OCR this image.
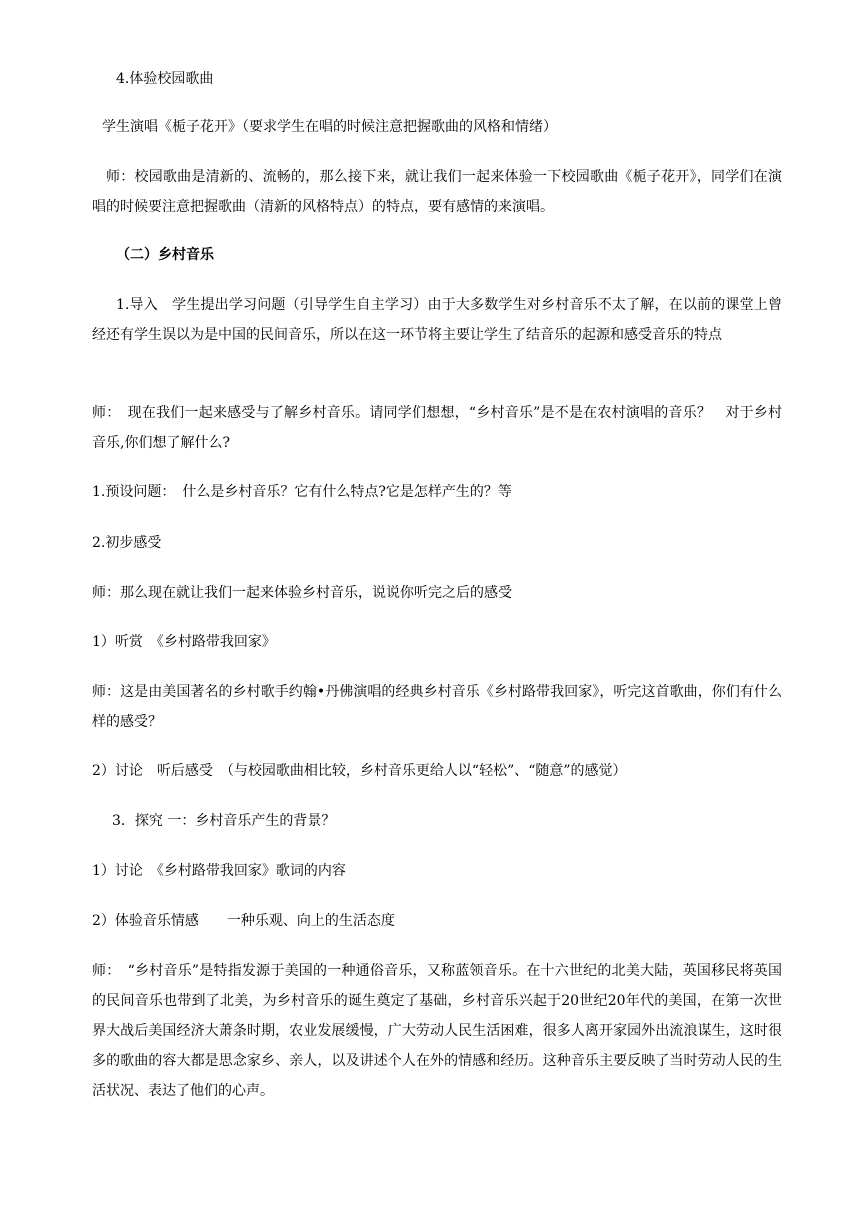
4.体验校园歌曲

学生演唱《栀子花开》（要求学生在唱的时候注意把握歌曲的风格和情绪）

师：校园歌曲是清新的、流畅的，那么接下来，就让我们一起来体验一下校园歌曲《栀子花开》，同学们在演唱的时候要注意把握歌曲（清新的风格特点）的特点，要有感情的来演唱。

（二）乡村音乐

1.导入　学生提出学习问题（引导学生自主学习）由于大多数学生对乡村音乐不太了解，在以前的课堂上曾经还有学生误以为是中国的民间音乐，所以在这一环节将主要让学生了结音乐的起源和感受音乐的特点

师：　现在我们一起来感受与了解乡村音乐。请同学们想想，“乡村音乐”是不是在农村演唱的音乐？　对于乡村音乐,你们想了解什么?

1.预设问题：　什么是乡村音乐？它有什么特点?它是怎样产生的？等

2.初步感受

师：那么现在就让我们一起来体验乡村音乐，说说你听完之后的感受

1）听赏　《乡村路带我回家》

师：这是由美国著名的乡村歌手约翰•丹佛演唱的经典乡村音乐《乡村路带我回家》，听完这首歌曲，你们有什么样的感受？

2）讨论　听后感受　（与校园歌曲相比较，乡村音乐更给人以“轻松”、“随意”的感觉）

3．探究 一：乡村音乐产生的背景？

1）讨论　《乡村路带我回家》歌词的内容

2）体验音乐情感　　一种乐观、向上的生活态度

师：　“乡村音乐”是特指发源于美国的一种通俗音乐，又称蓝领音乐。在十六世纪的北美大陆，英国移民将英国的民间音乐也带到了北美，为乡村音乐的诞生奠定了基础，乡村音乐兴起于20世纪20年代的美国，在第一次世界大战后美国经济大萧条时期，农业发展缓慢，广大劳动人民生活困难，很多人离开家园外出流浪谋生，这时很多的歌曲的容大都是思念家乡、亲人，以及讲述个人在外的情感和经历。这种音乐主要反映了当时劳动人民的生活状况、表达了他们的心声。
